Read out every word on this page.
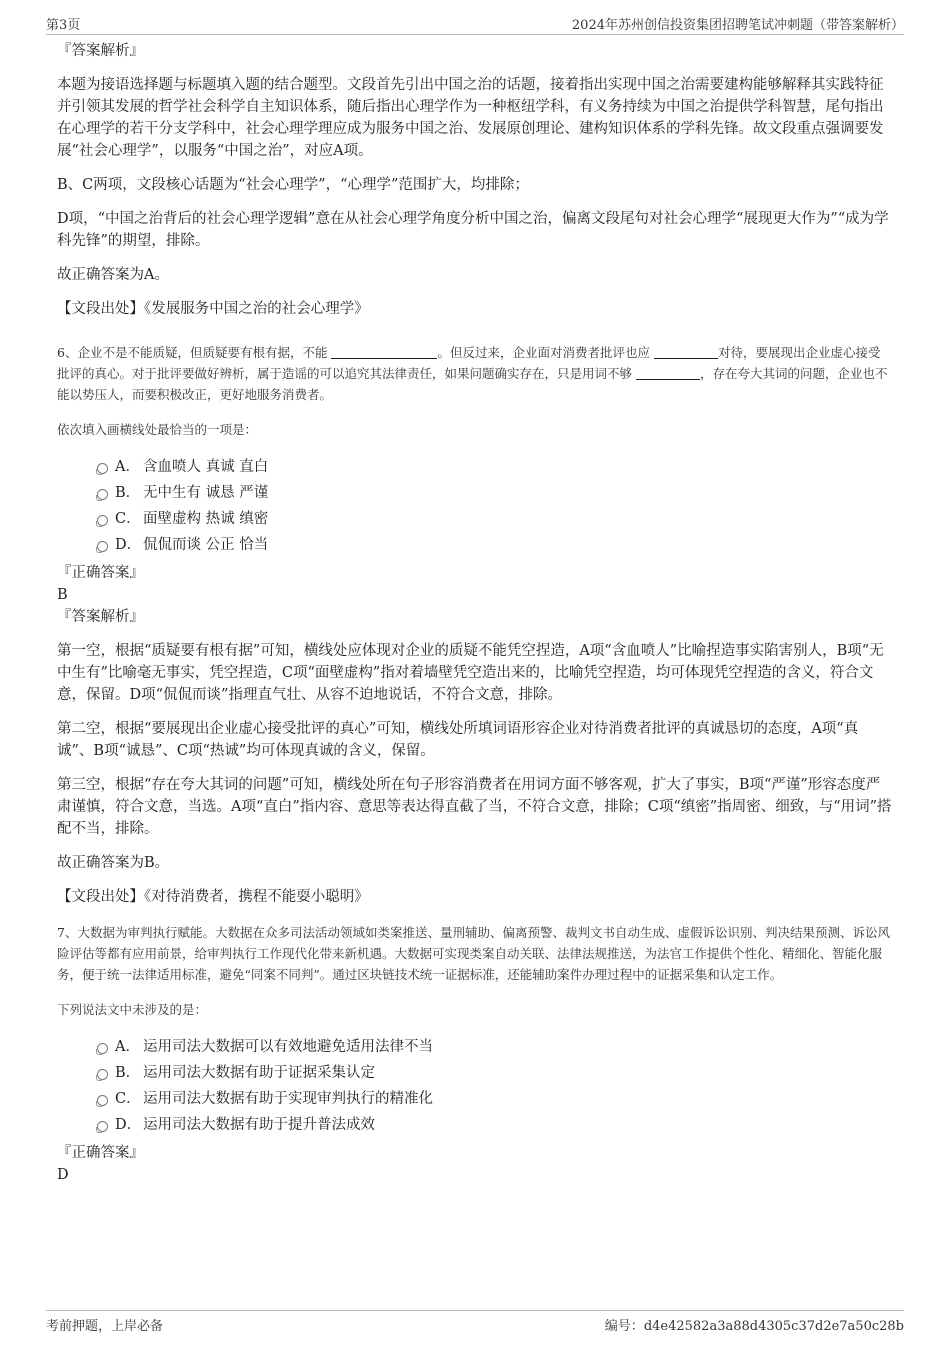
第3页	2024年苏州创信投资集团招聘笔试冲刺题（带答案解析）

『答案解析』

本题为接语选择题与标题填入题的结合题型。文段首先引出中国之治的话题，接着指出实现中国之治需要建构能够解释其实践特征并引领其发展的哲学社会科学自主知识体系，随后指出心理学作为一种枢纽学科，有义务持续为中国之治提供学科智慧，尾句指出在心理学的若干分支学科中，社会心理学理应成为服务中国之治、发展原创理论、建构知识体系的学科先锋。故文段重点强调要发展“社会心理学”，以服务“中国之治”，对应A项。

B、C两项，文段核心话题为“社会心理学”，“心理学”范围扩大，均排除；

D项，“中国之治背后的社会心理学逻辑”意在从社会心理学角度分析中国之治，偏离文段尾句对社会心理学“展现更大作为”“成为学科先锋”的期望，排除。

故正确答案为A。

【文段出处】《发展服务中国之治的社会心理学》

6、企业不是不能质疑，但质疑要有根有据，不能	。但反过来，企业面对消费者批评也应	对待，要展现出企业虚心接受批评的真心。对于批评要做好辨析，属于造谣的可以追究其法律责任，如果问题确实存在，只是用词不够	，存在夸大其词的问题，企业也不能以势压人，而要积极改正，更好地服务消费者。

依次填入画横线处最恰当的一项是：

A． 含血喷人 真诚 直白
B． 无中生有 诚恳 严谨
C． 面壁虚构 热诚 缜密
D． 侃侃而谈 公正 恰当

『正确答案』

B

『答案解析』

第一空，根据“质疑要有根有据”可知，横线处应体现对企业的质疑不能凭空捏造，A项“含血喷人”比喻捏造事实陷害别人，B项“无中生有”比喻毫无事实，凭空捏造，C项“面壁虚构”指对着墙壁凭空造出来的，比喻凭空捏造，均可体现凭空捏造的含义，符合文意，保留。D项“侃侃而谈”指理直气壮、从容不迫地说话，不符合文意，排除。

第二空，根据“要展现出企业虚心接受批评的真心”可知，横线处所填词语形容企业对待消费者批评的真诚恳切的态度，A项“真诚”、B项“诚恳”、C项“热诚”均可体现真诚的含义，保留。

第三空，根据“存在夸大其词的问题”可知，横线处所在句子形容消费者在用词方面不够客观，扩大了事实，B项“严谨”形容态度严肃谨慎，符合文意，当选。A项“直白”指内容、意思等表达得直截了当，不符合文意，排除；C项“缜密”指周密、细致，与“用词”搭配不当，排除。

故正确答案为B。

【文段出处】《对待消费者，携程不能耍小聪明》

7、大数据为审判执行赋能。大数据在众多司法活动领域如类案推送、量刑辅助、偏离预警、裁判文书自动生成、虚假诉讼识别、判决结果预测、诉讼风险评估等都有应用前景，给审判执行工作现代化带来新机遇。大数据可实现类案自动关联、法律法规推送，为法官工作提供个性化、精细化、智能化服务，便于统一法律适用标准，避免“同案不同判”。通过区块链技术统一证据标准，还能辅助案件办理过程中的证据采集和认定工作。

下列说法文中未涉及的是：

A． 运用司法大数据可以有效地避免适用法律不当
B． 运用司法大数据有助于证据采集认定
C． 运用司法大数据有助于实现审判执行的精准化
D． 运用司法大数据有助于提升普法成效

『正确答案』

D

考前押题，上岸必备	编号：d4e42582a3a88d4305c37d2e7a50c28b
